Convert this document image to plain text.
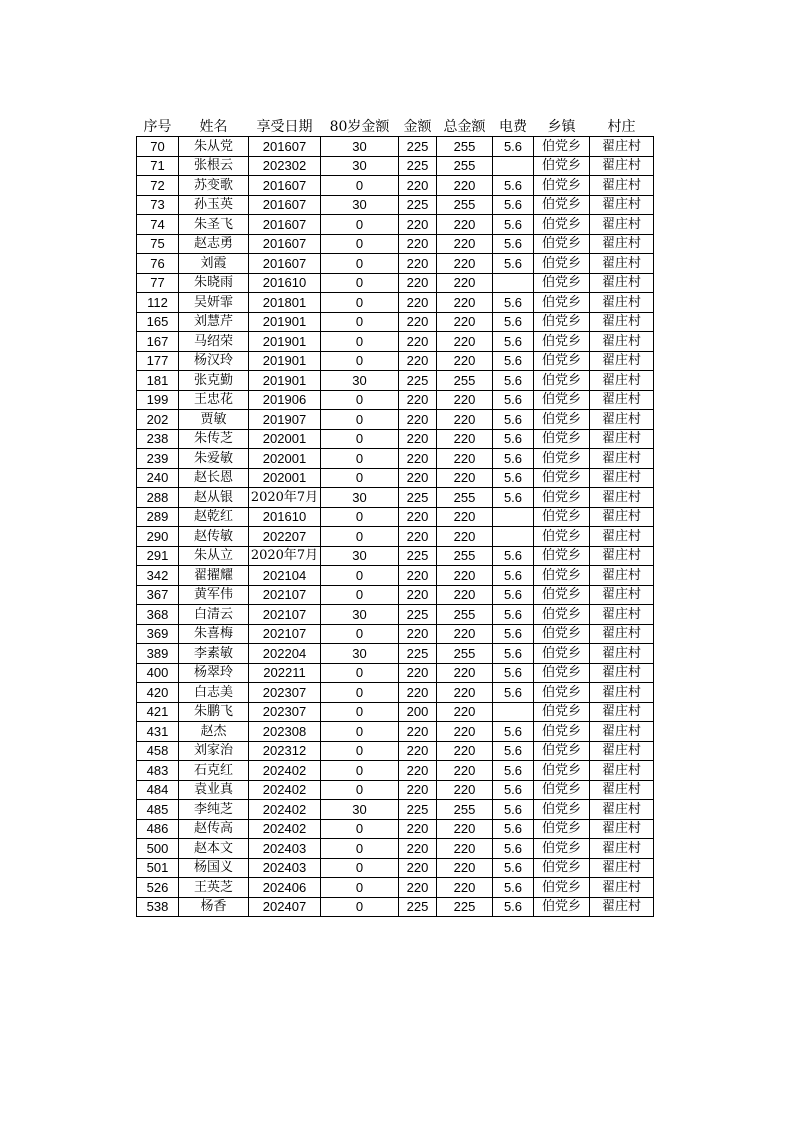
序号	姓名	享受日期	80岁金额	金额	总金额	电费	乡镇	村庄
70	朱从党	201607	30	225	255	5.6	伯党乡	翟庄村
71	张根云	202302	30	225	255		伯党乡	翟庄村
72	苏变歌	201607	0	220	220	5.6	伯党乡	翟庄村
73	孙玉英	201607	30	225	255	5.6	伯党乡	翟庄村
74	朱圣飞	201607	0	220	220	5.6	伯党乡	翟庄村
75	赵志勇	201607	0	220	220	5.6	伯党乡	翟庄村
76	刘霞	201607	0	220	220	5.6	伯党乡	翟庄村
77	朱晓雨	201610	0	220	220		伯党乡	翟庄村
112	吴妍霏	201801	0	220	220	5.6	伯党乡	翟庄村
165	刘慧芹	201901	0	220	220	5.6	伯党乡	翟庄村
167	马绍荣	201901	0	220	220	5.6	伯党乡	翟庄村
177	杨汉玲	201901	0	220	220	5.6	伯党乡	翟庄村
181	张克勤	201901	30	225	255	5.6	伯党乡	翟庄村
199	王忠花	201906	0	220	220	5.6	伯党乡	翟庄村
202	贾敏	201907	0	220	220	5.6	伯党乡	翟庄村
238	朱传芝	202001	0	220	220	5.6	伯党乡	翟庄村
239	朱爱敏	202001	0	220	220	5.6	伯党乡	翟庄村
240	赵长恩	202001	0	220	220	5.6	伯党乡	翟庄村
288	赵从银	2020年7月	30	225	255	5.6	伯党乡	翟庄村
289	赵乾红	201610	0	220	220		伯党乡	翟庄村
290	赵传敏	202207	0	220	220		伯党乡	翟庄村
291	朱从立	2020年7月	30	225	255	5.6	伯党乡	翟庄村
342	翟擢耀	202104	0	220	220	5.6	伯党乡	翟庄村
367	黄军伟	202107	0	220	220	5.6	伯党乡	翟庄村
368	白清云	202107	30	225	255	5.6	伯党乡	翟庄村
369	朱喜梅	202107	0	220	220	5.6	伯党乡	翟庄村
389	李素敏	202204	30	225	255	5.6	伯党乡	翟庄村
400	杨翠玲	202211	0	220	220	5.6	伯党乡	翟庄村
420	白志美	202307	0	220	220	5.6	伯党乡	翟庄村
421	朱鹏飞	202307	0	200	220		伯党乡	翟庄村
431	赵杰	202308	0	220	220	5.6	伯党乡	翟庄村
458	刘家治	202312	0	220	220	5.6	伯党乡	翟庄村
483	石克红	202402	0	220	220	5.6	伯党乡	翟庄村
484	袁业真	202402	0	220	220	5.6	伯党乡	翟庄村
485	李纯芝	202402	30	225	255	5.6	伯党乡	翟庄村
486	赵传高	202402	0	220	220	5.6	伯党乡	翟庄村
500	赵本文	202403	0	220	220	5.6	伯党乡	翟庄村
501	杨国义	202403	0	220	220	5.6	伯党乡	翟庄村
526	王英芝	202406	0	220	220	5.6	伯党乡	翟庄村
538	杨香	202407	0	225	225	5.6	伯党乡	翟庄村
